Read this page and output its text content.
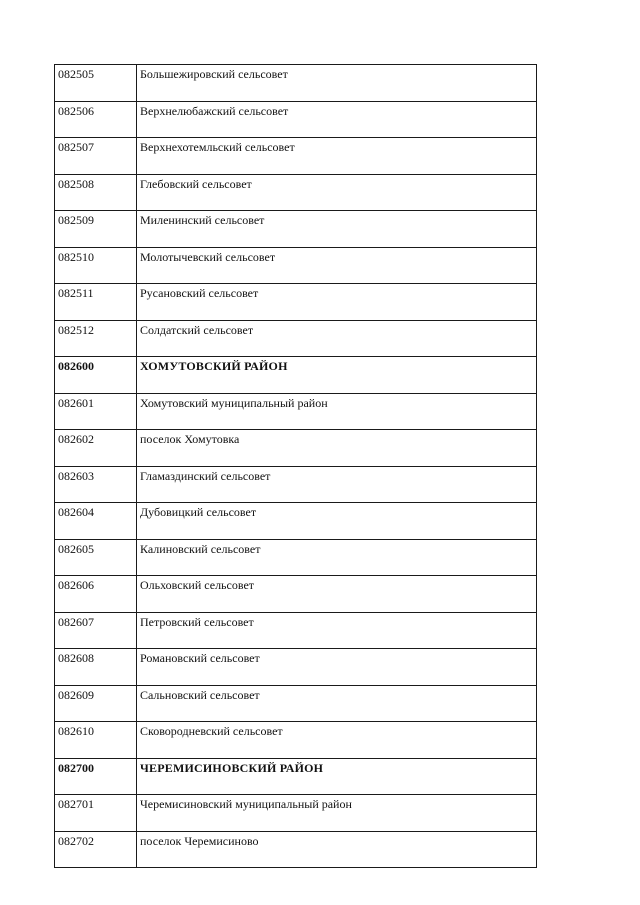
082505	Большежировский сельсовет
082506	Верхнелюбажский сельсовет
082507	Верхнехотемльский сельсовет
082508	Глебовский сельсовет
082509	Миленинский сельсовет
082510	Молотычевский сельсовет
082511	Русановский сельсовет
082512	Солдатский сельсовет
082600	ХОМУТОВСКИЙ РАЙОН
082601	Хомутовский муниципальный район
082602	поселок Хомутовка
082603	Гламаздинский сельсовет
082604	Дубовицкий сельсовет
082605	Калиновский сельсовет
082606	Ольховский сельсовет
082607	Петровский сельсовет
082608	Романовский сельсовет
082609	Сальновский сельсовет
082610	Сковородневский сельсовет
082700	ЧЕРЕМИСИНОВСКИЙ РАЙОН
082701	Черемисиновский муниципальный район
082702	поселок Черемисиново
